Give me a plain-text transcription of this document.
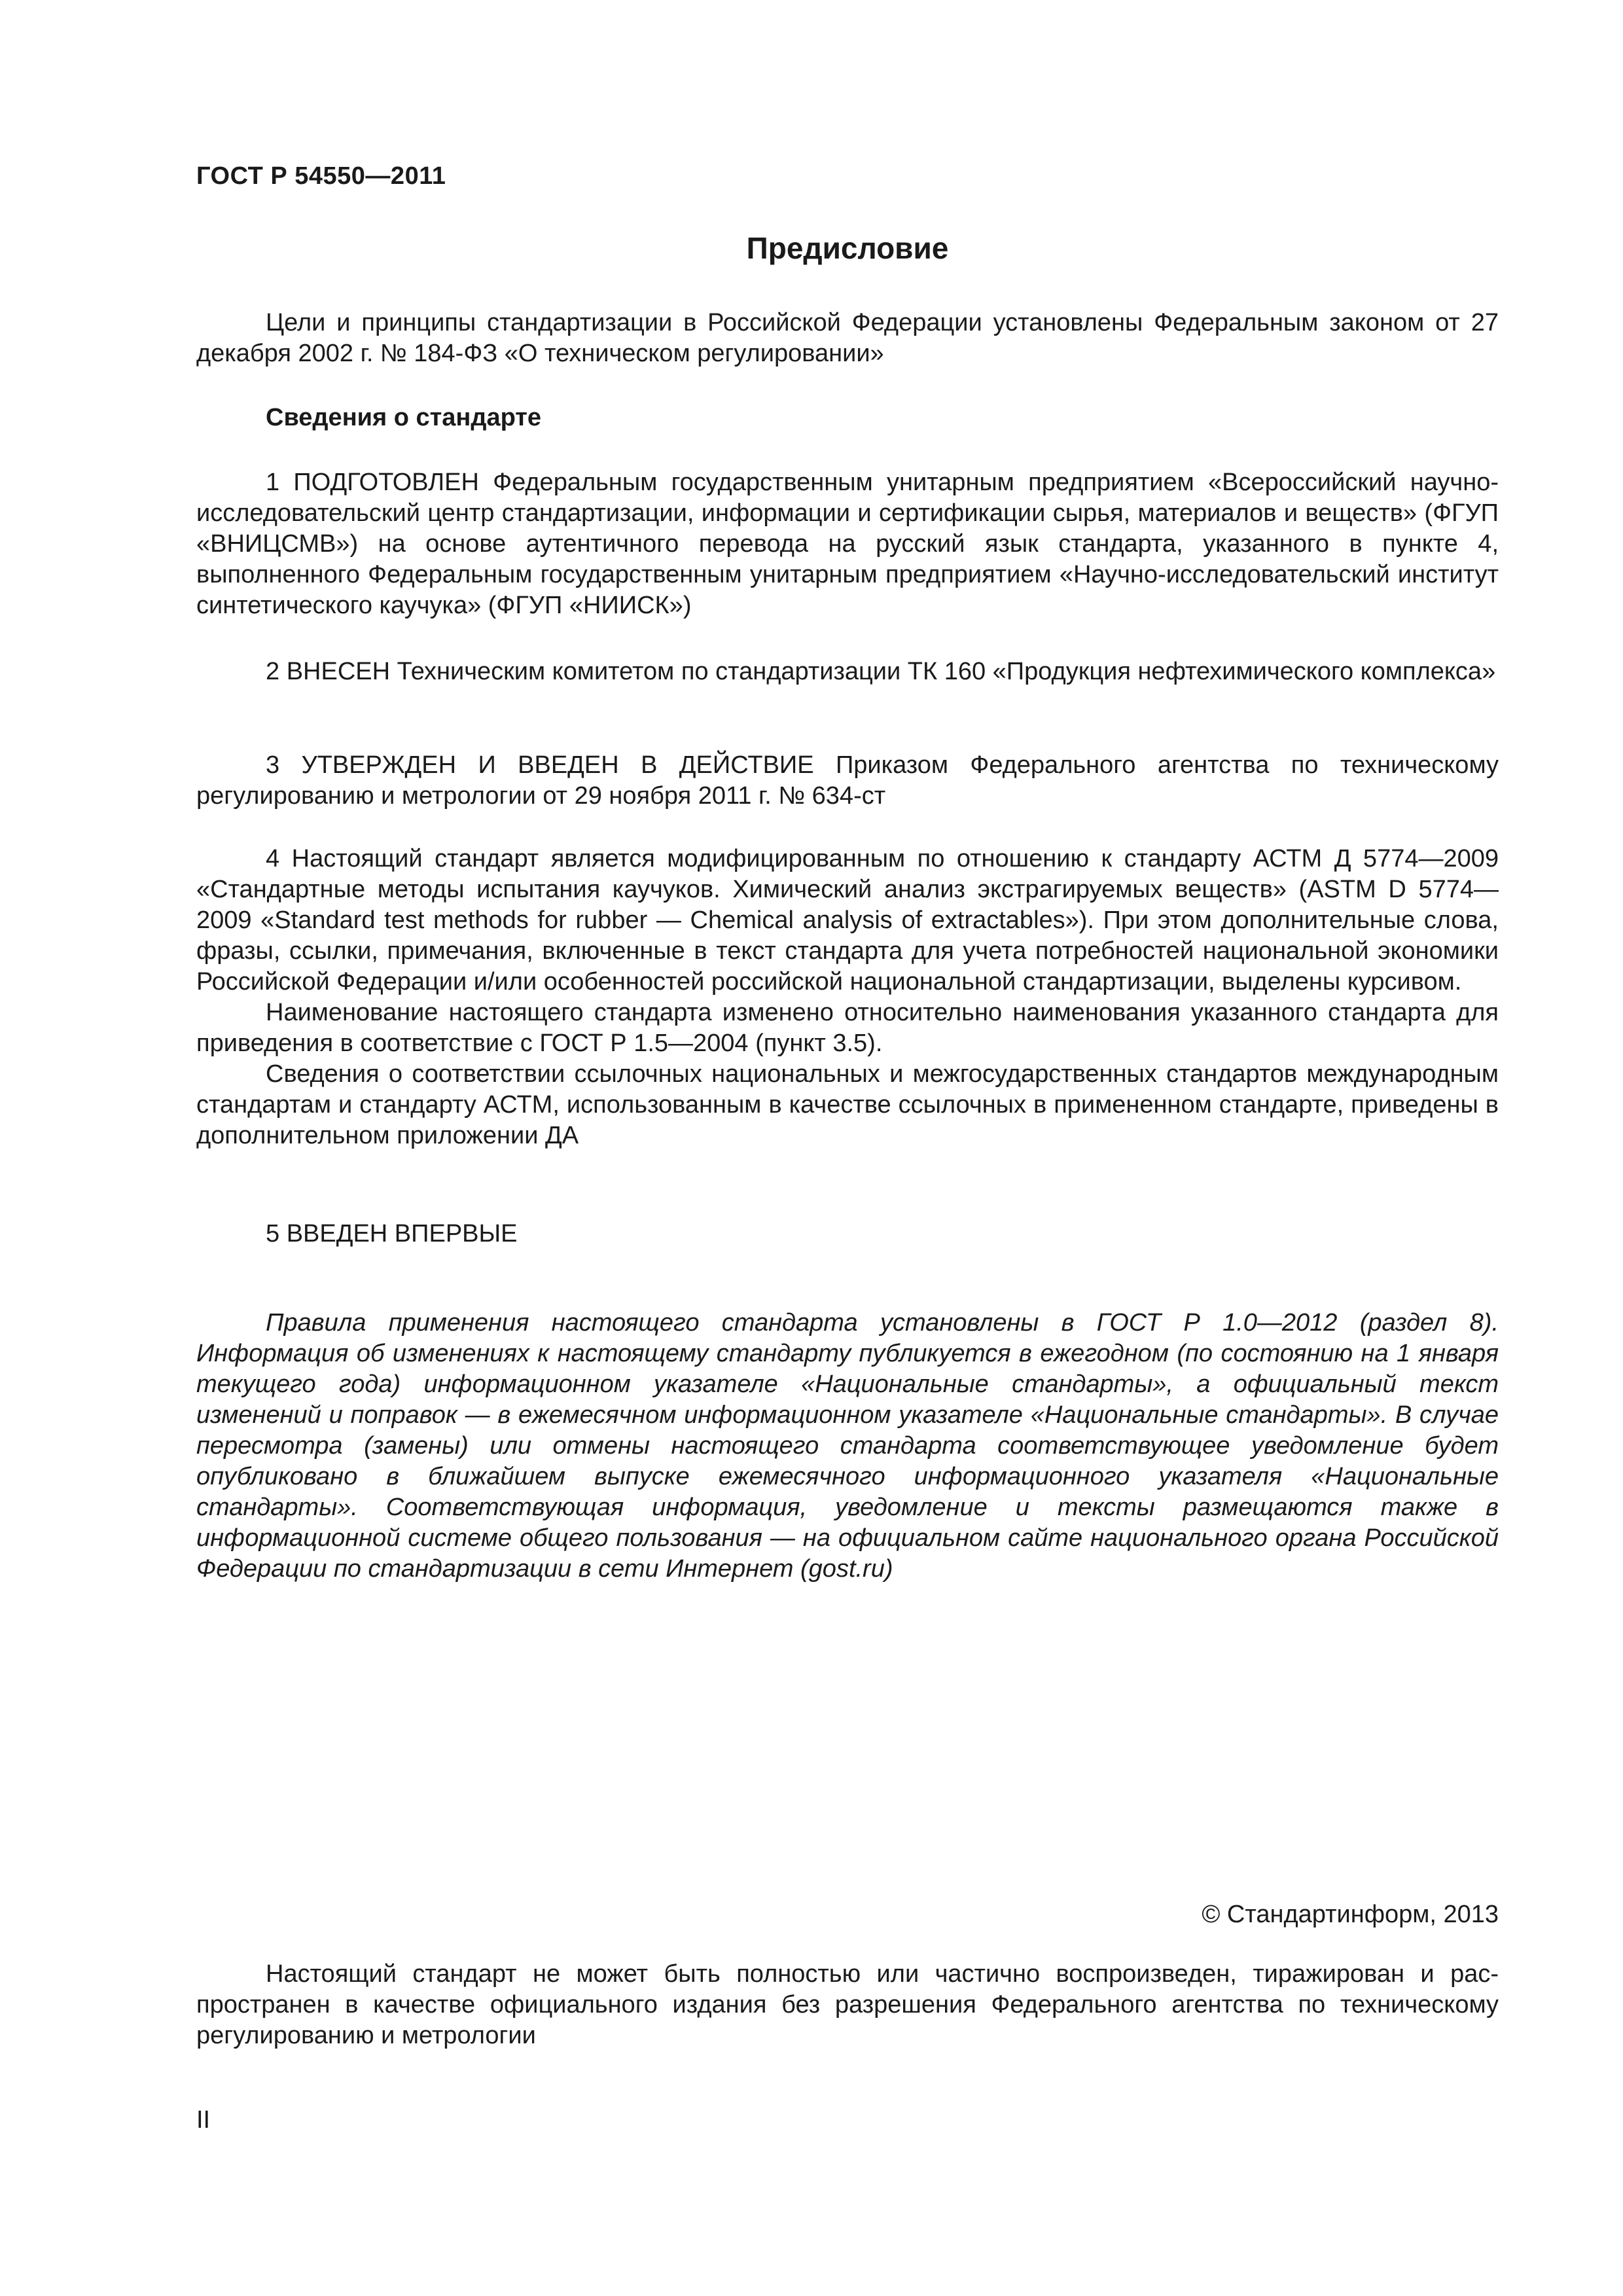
ГОСТ Р 54550—2011
Предисловие

Цели и принципы стандартизации в Российской Федерации установлены Федеральным законом от 27 декабря 2002 г. № 184-ФЗ «О техническом регулировании»

Сведения о стандарте

1 ПОДГОТОВЛЕН Федеральным государственным унитарным предприятием «Всероссийский научно-исследовательский центр стандартизации, информации и сертификации сырья, материалов и веществ» (ФГУП «ВНИЦСМВ») на основе аутентичного перевода на русский язык стандарта, указанного в пункте 4, выполненного Федеральным государственным унитарным предприятием «Научно-исследовательский институт синтетического каучука» (ФГУП «НИИСК»)

2 ВНЕСЕН Техническим комитетом по стандартизации ТК 160 «Продукция нефтехимического комплекса»

3 УТВЕРЖДЕН И ВВЕДЕН В ДЕЙСТВИЕ Приказом Федерального агентства по техническому регулированию и метрологии от 29 ноября 2011 г. № 634-ст

4 Настоящий стандарт является модифицированным по отношению к стандарту АСТМ Д 5774—2009 «Стандартные методы испытания каучуков. Химический анализ экстрагируемых веществ» (ASTM D 5774—2009 «Standard test methods for rubber — Chemical analysis of extractables»). При этом дополнительные слова, фразы, ссылки, примечания, включенные в текст стандарта для учета потребностей национальной экономики Российской Федерации и/или особенностей российской национальной стандартизации, выделены курсивом.

Наименование настоящего стандарта изменено относительно наименования указанного стандарта для приведения в соответствие с ГОСТ Р 1.5—2004 (пункт 3.5).

Сведения о соответствии ссылочных национальных и межгосударственных стандартов международным стандартам и стандарту АСТМ, использованным в качестве ссылочных в примененном стандарте, приведены в дополнительном приложении ДА

5 ВВЕДЕН ВПЕРВЫЕ

Правила применения настоящего стандарта установлены в ГОСТ Р 1.0—2012 (раздел 8). Информация об изменениях к настоящему стандарту публикуется в ежегодном (по состоянию на 1 января текущего года) информационном указателе «Национальные стандарты», а официальный текст изменений и поправок — в ежемесячном информационном указателе «Национальные стандарты». В случае пересмотра (замены) или отмены настоящего стандарта соответствующее уведомление будет опубликовано в ближайшем выпуске ежемесячного информационного указателя «Национальные стандарты». Соответствующая информация, уведомление и тексты размещаются также в информационной системе общего пользования — на официальном сайте национального органа Российской Федерации по стандартизации в сети Интернет (gost.ru)

© Стандартинформ, 2013

Настоящий стандарт не может быть полностью или частично воспроизведен, тиражирован и распространен в качестве официального издания без разрешения Федерального агентства по техническому регулированию и метрологии

II
